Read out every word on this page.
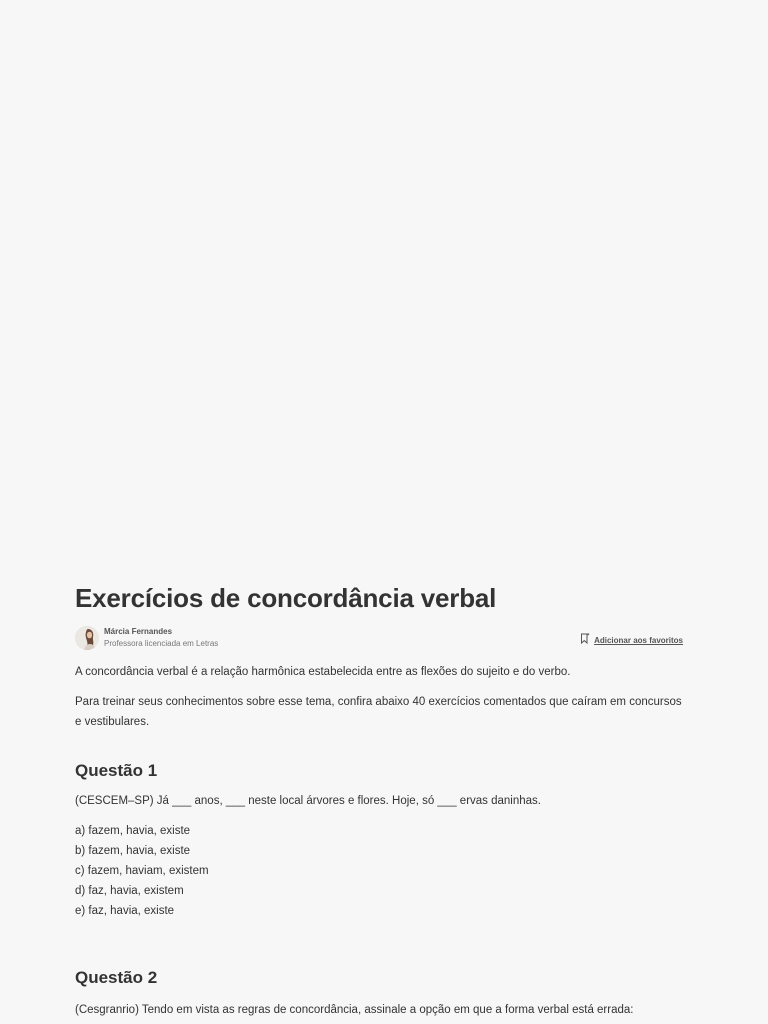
Exercícios de concordância verbal
Márcia Fernandes
Professora licenciada em Letras	Adicionar aos favoritos

A concordância verbal é a relação harmônica estabelecida entre as flexões do sujeito e do verbo.

Para treinar seus conhecimentos sobre esse tema, confira abaixo 40 exercícios comentados que caíram em concursos e vestibulares.

Questão 1

(CESCEM–SP) Já ___ anos, ___ neste local árvores e flores. Hoje, só ___ ervas daninhas.

a) fazem, havia, existe
b) fazem, havia, existe
c) fazem, haviam, existem
d) faz, havia, existem
e) faz, havia, existe
Questão 2

(Cesgranrio) Tendo em vista as regras de concordância, assinale a opção em que a forma verbal está errada:
